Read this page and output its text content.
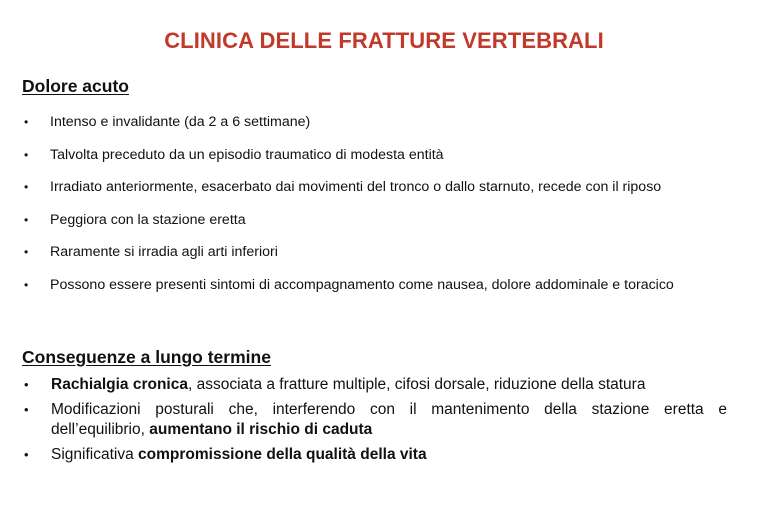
CLINICA DELLE FRATTURE VERTEBRALI
Dolore acuto
• Intenso e invalidante (da 2 a 6 settimane)
• Talvolta preceduto da un episodio traumatico di modesta entità
• Irradiato anteriormente, esacerbato dai movimenti del tronco o dallo starnuto, recede con il riposo
• Peggiora con la stazione eretta
• Raramente si irradia agli arti inferiori
• Possono essere presenti sintomi di accompagnamento come nausea, dolore addominale e toracico
Conseguenze a lungo termine
• Rachialgia cronica, associata a fratture multiple, cifosi dorsale, riduzione della statura
• Modificazioni posturali che, interferendo con il mantenimento della stazione eretta e
dell’equilibrio, aumentano il rischio di caduta
• Significativa compromissione della qualità della vita
